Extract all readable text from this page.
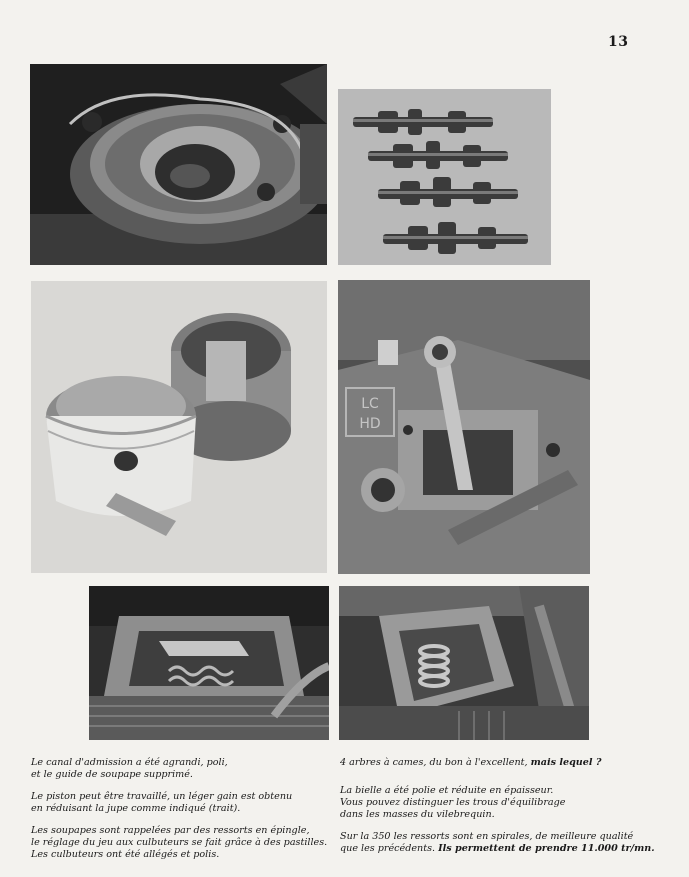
13
LC
HD

Le canal d'admission a été agrandi, poli,
et le guide de soupape supprimé.

Le piston peut être travaillé, un léger gain est obtenu
en réduisant la jupe comme indiqué (trait).

Les soupapes sont rappelées par des ressorts en épingle,
le réglage du jeu aux culbuteurs se fait grâce à des pastilles.
Les culbuteurs ont été allégés et polis.

4 arbres à cames, du bon à l'excellent, mais lequel ?

La bielle a été polie et réduite en épaisseur.
Vous pouvez distinguer les trous d'équilibrage
dans les masses du vilebrequin.

Sur la 350 les ressorts sont en spirales, de meilleure qualité
que les précédents. Ils permettent de prendre 11.000 tr/mn.
